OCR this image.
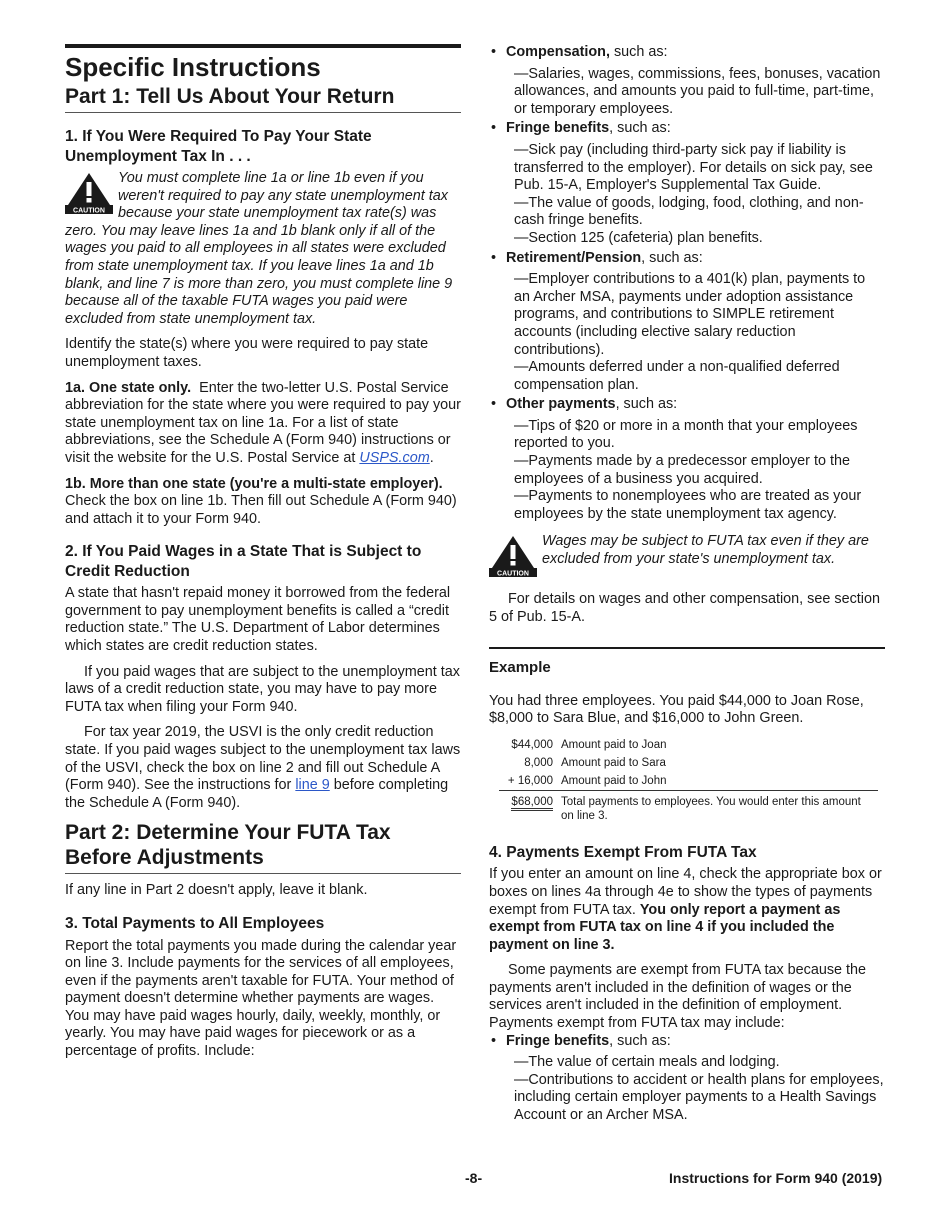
Specific Instructions
Part 1: Tell Us About Your Return
1. If You Were Required To Pay Your State Unemployment Tax In . . .
CAUTION

You must complete line 1a or line 1b even if you weren't required to pay any state unemployment tax because your state unemployment tax rate(s) was zero. You may leave lines 1a and 1b blank only if all of the wages you paid to all employees in all states were excluded from state unemployment tax. If you leave lines 1a and 1b blank, and line 7 is more than zero, you must complete line 9 because all of the taxable FUTA wages you paid were excluded from state unemployment tax.

Identify the state(s) where you were required to pay state unemployment taxes.

1a. One state only. Enter the two-letter U.S. Postal Service abbreviation for the state where you were required to pay your state unemployment tax on line 1a. For a list of state abbreviations, see the Schedule A (Form 940) instructions or visit the website for the U.S. Postal Service at USPS.com.

1b. More than one state (you're a multi-state employer).  Check the box on line 1b. Then fill out Schedule A (Form 940) and attach it to your Form 940.

2. If You Paid Wages in a State That is Subject to Credit Reduction

A state that hasn't repaid money it borrowed from the federal government to pay unemployment benefits is called a “credit reduction state.” The U.S. Department of Labor determines which states are credit reduction states.

If you paid wages that are subject to the unemployment tax laws of a credit reduction state, you may have to pay more FUTA tax when filing your Form 940.

For tax year 2019, the USVI is the only credit reduction state. If you paid wages subject to the unemployment tax laws of the USVI, check the box on line 2 and fill out Schedule A (Form 940). See the instructions for line 9 before completing the Schedule A (Form 940).

Part 2: Determine Your FUTA Tax Before Adjustments

If any line in Part 2 doesn't apply, leave it blank.

3. Total Payments to All Employees

Report the total payments you made during the calendar year on line 3. Include payments for the services of all employees, even if the payments aren't taxable for FUTA. Your method of payment doesn't determine whether payments are wages. You may have paid wages hourly, daily, weekly, monthly, or yearly. You may have paid wages for piecework or as a percentage of profits. Include:

• Compensation, such as:
—Salaries, wages, commissions, fees, bonuses, vacation allowances, and amounts you paid to full-time, part-time, or temporary employees.
• Fringe benefits, such as:
—Sick pay (including third-party sick pay if liability is transferred to the employer). For details on sick pay, see Pub. 15-A, Employer's Supplemental Tax Guide.
—The value of goods, lodging, food, clothing, and non-cash fringe benefits.
—Section 125 (cafeteria) plan benefits.
• Retirement/Pension, such as:
—Employer contributions to a 401(k) plan, payments to an Archer MSA, payments under adoption assistance programs, and contributions to SIMPLE retirement accounts (including elective salary reduction contributions).
—Amounts deferred under a non-qualified deferred compensation plan.
• Other payments, such as:
—Tips of $20 or more in a month that your employees reported to you.
—Payments made by a predecessor employer to the employees of a business you acquired.
—Payments to nonemployees who are treated as your employees by the state unemployment tax agency.
CAUTION

Wages may be subject to FUTA tax even if they are excluded from your state's unemployment tax.

For details on wages and other compensation, see section 5 of Pub. 15-A.

Example

You had three employees. You paid $44,000 to Joan Rose, $8,000 to Sara Blue, and $16,000 to John Green.

$44,000	Amount paid to Joan
8,000	Amount paid to Sara
+ 16,000	Amount paid to John
$68,000	Total payments to employees. You would enter this amount on line 3.
4. Payments Exempt From FUTA Tax

If you enter an amount on line 4, check the appropriate box or boxes on lines 4a through 4e to show the types of payments exempt from FUTA tax. You only report a payment as exempt from FUTA tax on line 4 if you included the payment on line 3.

Some payments are exempt from FUTA tax because the payments aren't included in the definition of wages or the services aren't included in the definition of employment. Payments exempt from FUTA tax may include:

• Fringe benefits, such as:
—The value of certain meals and lodging.
—Contributions to accident or health plans for employees, including certain employer payments to a Health Savings Account or an Archer MSA.
-8-	Instructions for Form 940 (2019)
